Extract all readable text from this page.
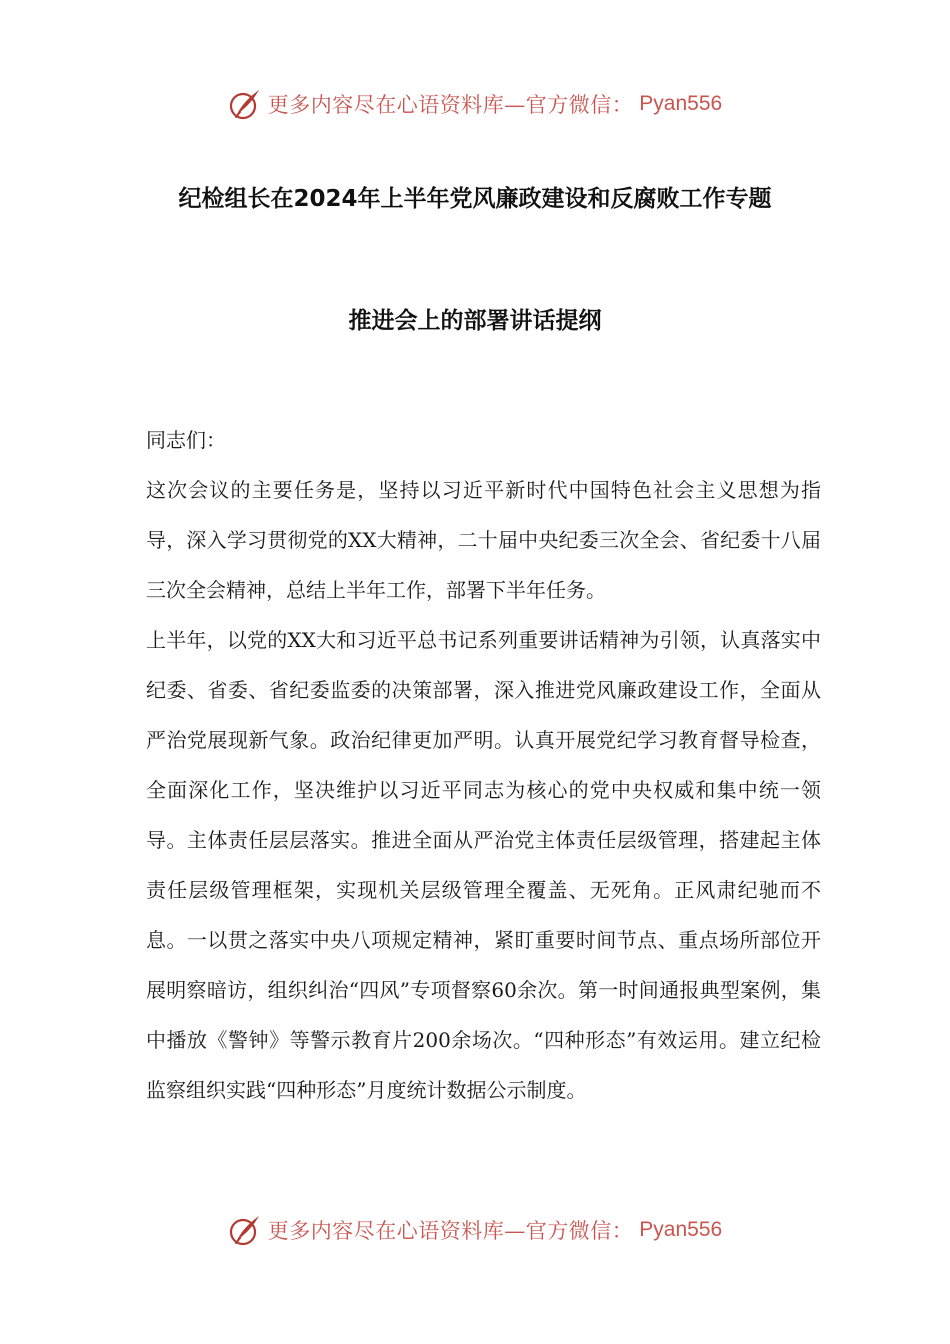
更多内容尽在心语资料库—官方微信： Pyan556
纪检组长在2024年上半年党风廉政建设和反腐败工作专题
推进会上的部署讲话提纲

同志们：

这次会议的主要任务是，坚持以习近平新时代中国特色社会主义思想为指导，深入学习贯彻党的XX大精神，二十届中央纪委三次全会、省纪委十八届三次全会精神，总结上半年工作，部署下半年任务。

上半年，以党的XX大和习近平总书记系列重要讲话精神为引领，认真落实中纪委、省委、省纪委监委的决策部署，深入推进党风廉政建设工作，全面从严治党展现新气象。政治纪律更加严明。认真开展党纪学习教育督导检查，全面深化工作，坚决维护以习近平同志为核心的党中央权威和集中统一领导。主体责任层层落实。推进全面从严治党主体责任层级管理，搭建起主体责任层级管理框架，实现机关层级管理全覆盖、无死角。正风肃纪驰而不息。一以贯之落实中央八项规定精神，紧盯重要时间节点、重点场所部位开展明察暗访，组织纠治“四风”专项督察60余次。第一时间通报典型案例，集中播放《警钟》等警示教育片200余场次。“四种形态”有效运用。建立纪检监察组织实践“四种形态”月度统计数据公示制度。

更多内容尽在心语资料库—官方微信： Pyan556
